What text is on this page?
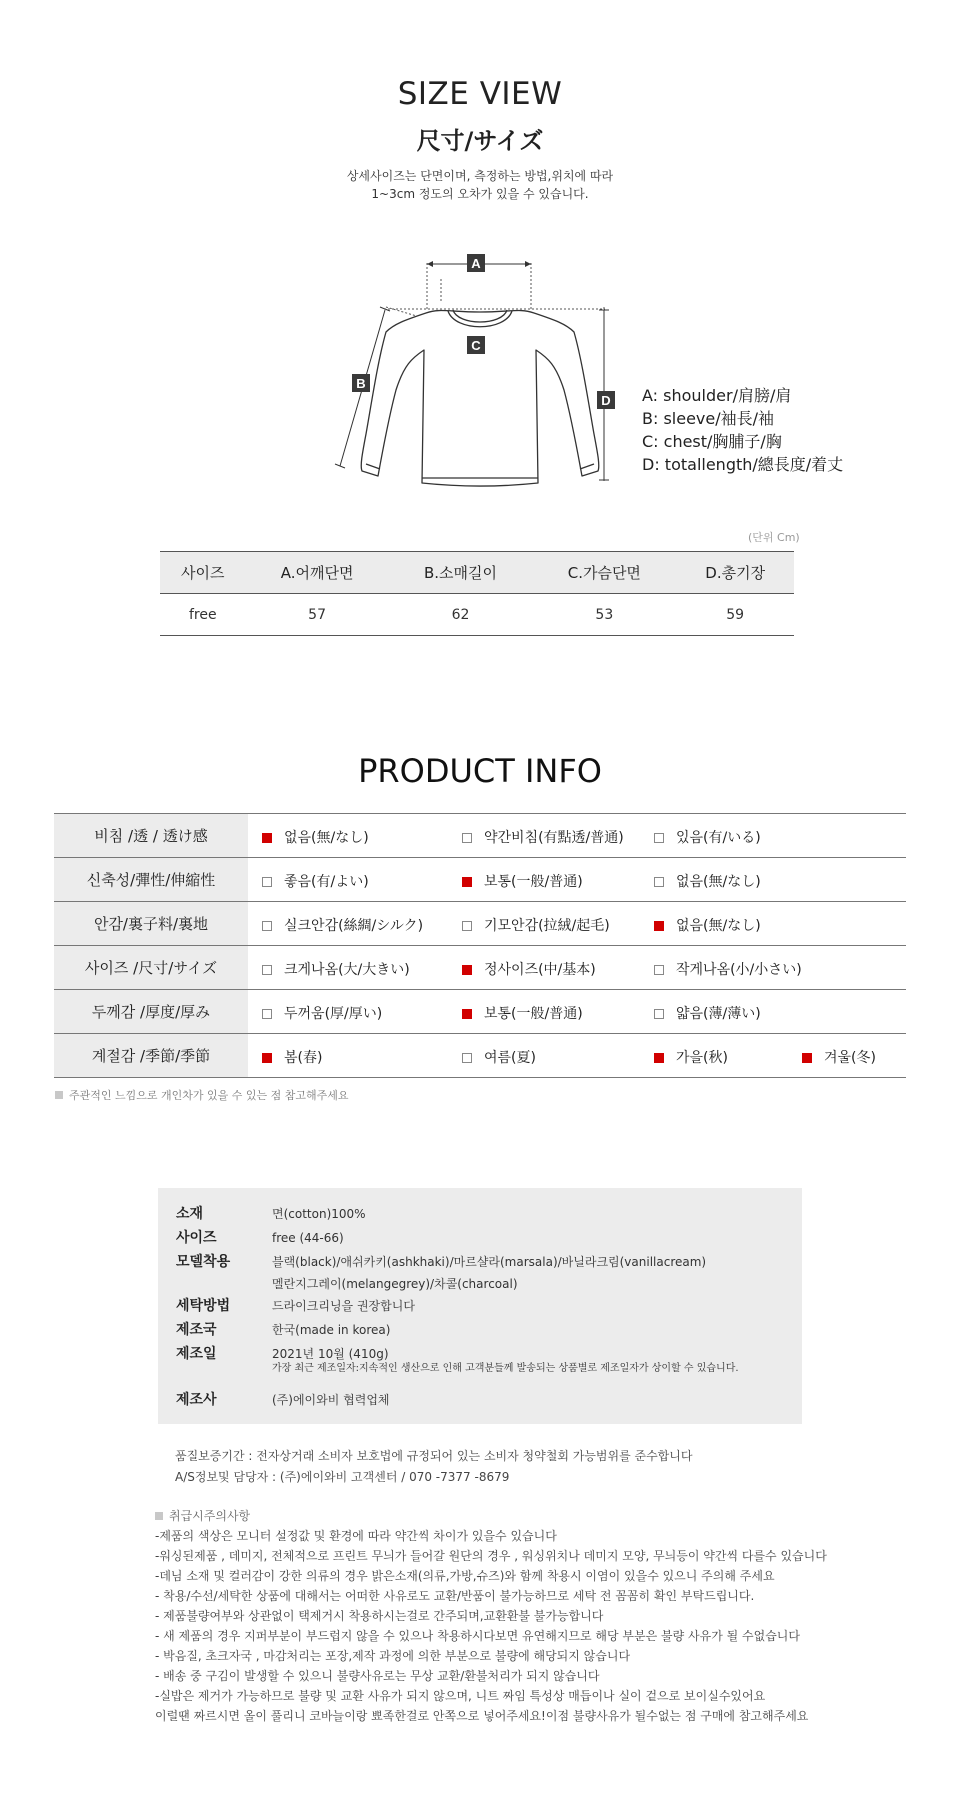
SIZE VIEW
尺寸/サイズ
상세사이즈는 단면이며, 측정하는 방법,위치에 따라
1~3cm 정도의 오차가 있을 수 있습니다.
A
B
C
D A: shoulder/肩膀/肩
B: sleeve/袖長/袖
C: chest/胸脯子/胸
D: totallength/總長度/着丈
(단위 Cm)
사이즈	A.어깨단면	B.소매길이	C.가슴단면	D.총기장
free	57	62	53	59
PRODUCT INFO
비침 /透 / 透け感	없음(無/なし) 약간비침(有點透/普通) 있음(有/いる)

신축성/彈性/伸縮性	좋음(有/よい) 보통(一般/普通) 없음(無/なし)

안감/裏子料/裏地	실크안감(絲綢/シルク) 기모안감(拉絨/起毛) 없음(無/なし)

사이즈 /尺寸/サイズ	크게나옴(大/大きい) 정사이즈(中/基本) 작게나옴(小/小さい)

두께감 /厚度/厚み	두꺼움(厚/厚い) 보통(一般/普通) 얇음(薄/薄い)

계절감 /季節/季節	봄(春) 여름(夏) 가을(秋) 겨울(冬)
주관적인 느낌으로 개인차가 있을 수 있는 점 참고해주세요
소재	면(cotton)100%
사이즈	free (44-66)
모델착용	블랙(black)/애쉬카키(ashkhaki)/마르샬라(marsala)/바닐라크림(vanillacream)
멜란지그레이(melangegrey)/차콜(charcoal)
세탁방법	드라이크리닝을 권장합니다
제조국	한국(made in korea)
제조일	2021년 10월 (410g)
가장 최근 제조일자:지속적인 생산으로 인해 고객분들께 발송되는 상품별로 제조일자가 상이할 수 있습니다.
제조사	(주)에이와비 협력업체
품질보증기간 : 전자상거래 소비자 보호법에 규정되어 있는 소비자 청약철회 가능범위를 준수합니다
A/S정보및 담당자 : (주)에이와비 고객센터 / 070 -7377 -8679
취급시주의사항

-제품의 색상은 모니터 설정값 및 환경에 따라 약간씩 차이가 있을수 있습니다

-워싱된제품 , 데미지, 전체적으로 프린트 무늬가 들어갈 원단의 경우 , 워싱위치나 데미지 모양, 무늬등이 약간씩 다를수 있습니다

-데님 소재 및 컬러감이 강한 의류의 경우 밝은소재(의류,가방,슈즈)와 함께 착용시 이염이 있을수 있으니 주의해 주세요

- 착용/수선/세탁한 상품에 대해서는 어떠한 사유로도 교환/반품이 불가능하므로 세탁 전 꼼꼼히 확인 부탁드립니다.

- 제품불량여부와 상관없이 택제거시 착용하시는걸로 간주되며,교환환불 불가능합니다

- 새 제품의 경우 지퍼부분이 부드럽지 않을 수 있으나 착용하시다보면 유연해지므로 해당 부분은 불량 사유가 될 수없습니다

- 박음질, 초크자국 , 마감처리는 포장,제작 과정에 의한 부분으로 불량에 해당되지 않습니다

- 배송 중 구김이 발생할 수 있으니 불량사유로는 무상 교환/환불처리가 되지 않습니다

-실밥은 제거가 가능하므로 불량 및 교환 사유가 되지 않으며, 니트 짜임 특성상 매듭이나 실이 겉으로 보이실수있어요

이럴땐 짜르시면 올이 풀리니 코바늘이랑 뾰족한걸로 안쪽으로 넣어주세요!이점 불량사유가 될수없는 점 구매에 참고해주세요
